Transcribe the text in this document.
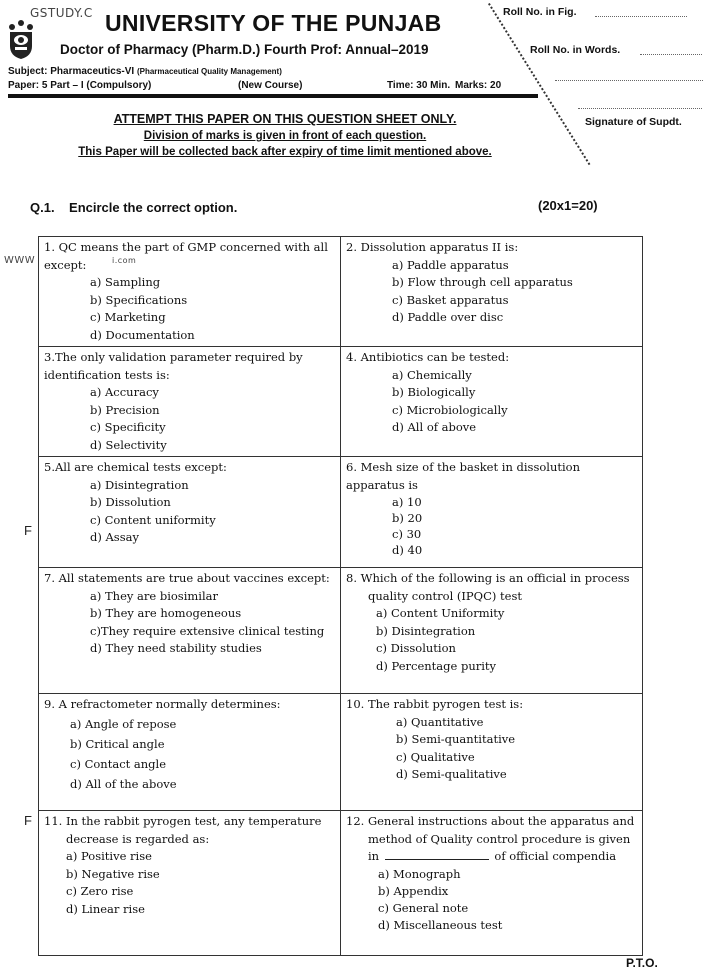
GSTUDY.C
WWW	i.com
F
F
UNIVERSITY OF THE PUNJAB
Doctor of Pharmacy (Pharm.D.) Fourth Prof: Annual–2019
Subject: Pharmaceutics-VI (Pharmaceutical Quality Management)
Paper: 5 Part – I (Compulsory)	(New Course)	Time: 30 Min. Marks: 20
Roll No. in Fig.
Roll No. in Words.
Signature of Supdt.
ATTEMPT THIS PAPER ON THIS QUESTION SHEET ONLY.
Division of marks is given in front of each question.
This Paper will be collected back after expiry of time limit mentioned above.
Q.1. Encircle the correct option.	(20x1=20)

1. QC means the part of GMP concerned with all except:

a) Sampling
b) Specifications
c) Marketing
d) Documentation

2. Dissolution apparatus II is:

a) Paddle apparatus
b) Flow through cell apparatus
c) Basket apparatus
d) Paddle over disc

3.The only validation parameter required by identification tests is:

a) Accuracy
b) Precision
c) Specificity
d) Selectivity

4. Antibiotics can be tested:

a) Chemically
b) Biologically
c) Microbiologically
d) All of above

5.All are chemical tests except:

a) Disintegration
b) Dissolution
c) Content uniformity
d) Assay

6. Mesh size of the basket in dissolution apparatus is

a) 10
b) 20
c) 30
d) 40

7. All statements are true about vaccines except:

a) They are biosimilar
b) They are homogeneous
c)They require extensive clinical testing
d) They need stability studies

8. Which of the following is an official in process quality control (IPQC) test

a) Content Uniformity
b) Disintegration
c) Dissolution
d) Percentage purity

9. A refractometer normally determines:

a) Angle of repose
b) Critical angle
c) Contact angle
d) All of the above

10. The rabbit pyrogen test is:

a) Quantitative
b) Semi-quantitative
c) Qualitative
d) Semi-qualitative

11. In the rabbit pyrogen test, any temperature decrease is regarded as:

a) Positive rise
b) Negative rise
c) Zero rise
d) Linear rise

12. General instructions about the apparatus and method of Quality control procedure is given in	of official compendia

a) Monograph
b) Appendix
c) General note
d) Miscellaneous test
P.T.O.
